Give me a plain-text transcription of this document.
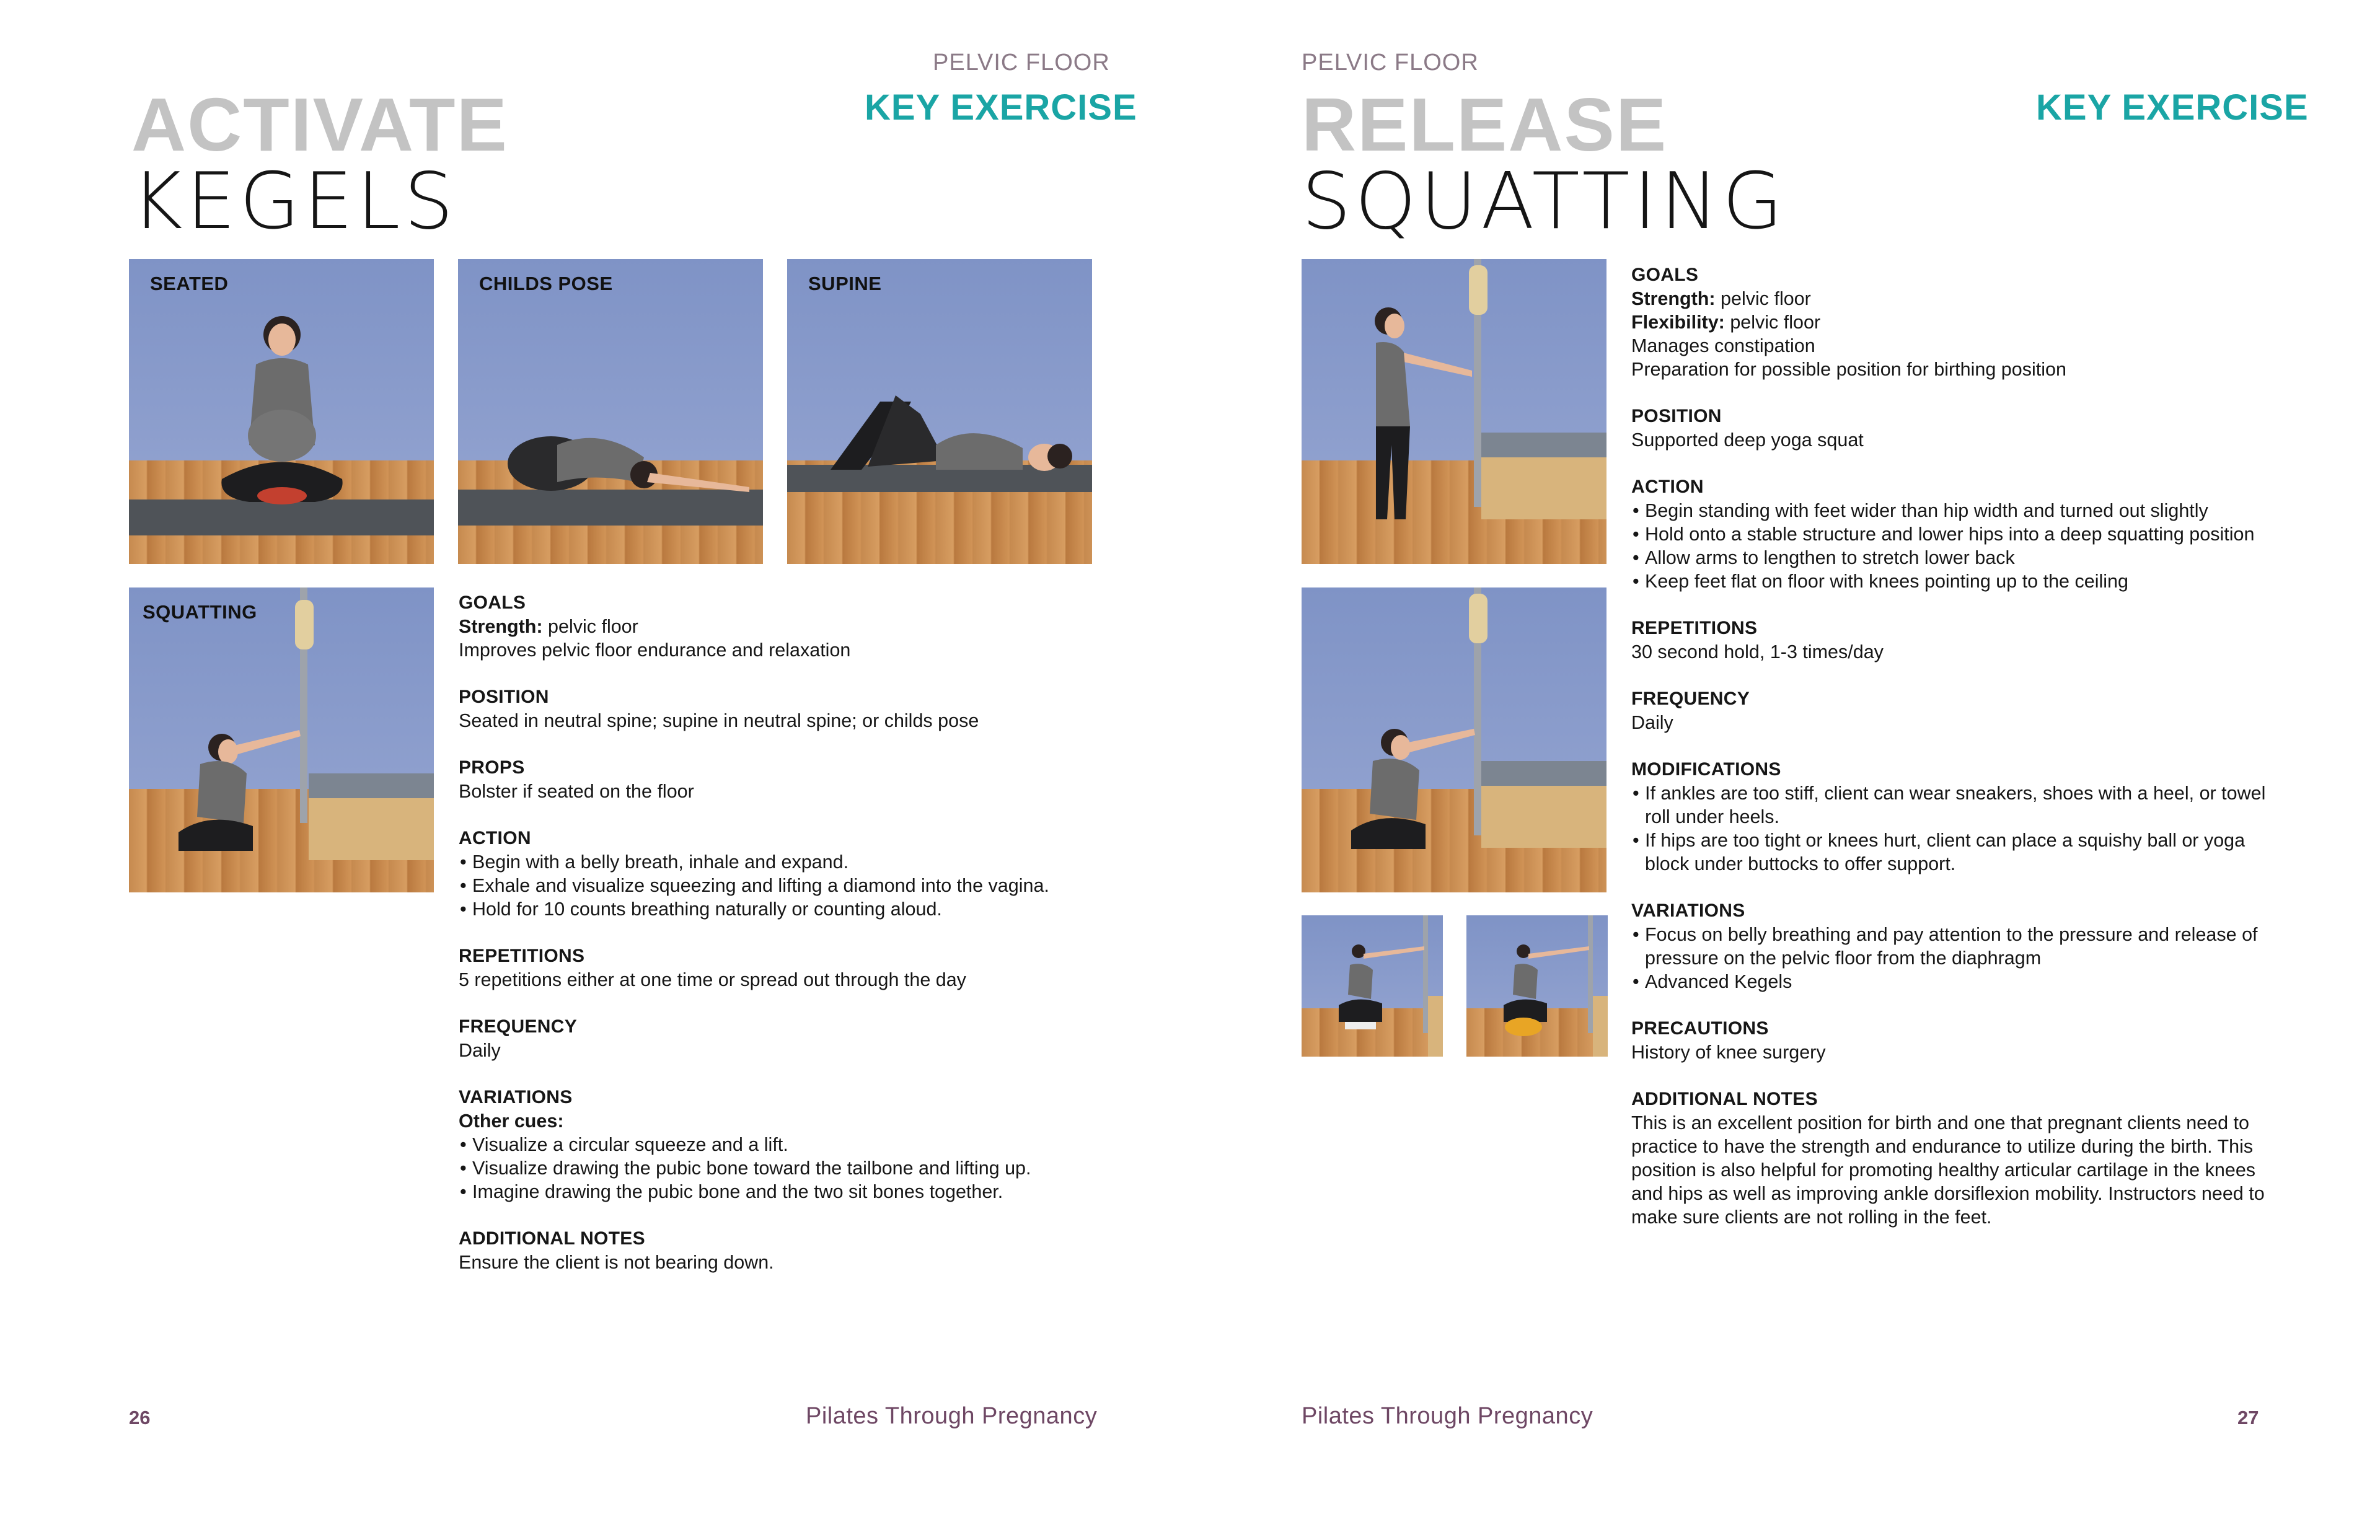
PELVIC FLOOR
KEY EXERCISE
ACTIVATE
KEGELS
SEATED	CHILDS POSE	SUPINE
SQUATTING	GOALS
Strength: pelvic floor
Improves pelvic floor endurance and relaxation
POSITION
Seated in neutral spine; supine in neutral spine; or childs pose
PROPS
Bolster if seated on the floor
ACTION
• Begin with a belly breath, inhale and expand.
• Exhale and visualize squeezing and lifting a diamond into the vagina.
• Hold for 10 counts breathing naturally or counting aloud.
REPETITIONS
5 repetitions either at one time or spread out through the day
FREQUENCY
Daily
VARIATIONS
Other cues:
• Visualize a circular squeeze and a lift.
• Visualize drawing the pubic bone toward the tailbone and lifting up.
• Imagine drawing the pubic bone and the two sit bones together.
ADDITIONAL NOTES
Ensure the client is not bearing down.
26	Pilates Through Pregnancy
PELVIC FLOOR
KEY EXERCISE
RELEASE
SQUATTING
GOALS
Strength: pelvic floor
Flexibility: pelvic floor
Manages constipation
Preparation for possible position for birthing position
POSITION
Supported deep yoga squat
ACTION
• Begin standing with feet wider than hip width and turned out slightly
• Hold onto a stable structure and lower hips into a deep squatting position
• Allow arms to lengthen to stretch lower back
• Keep feet flat on floor with knees pointing up to the ceiling
REPETITIONS
30 second hold, 1-3 times/day
FREQUENCY
Daily
MODIFICATIONS
• If ankles are too stiff, client can wear sneakers, shoes with a heel, or towel roll under heels.
• If hips are too tight or knees hurt, client can place a squishy ball or yoga block under buttocks to offer support.
VARIATIONS
• Focus on belly breathing and pay attention to the pressure and release of pressure on the pelvic floor from the diaphragm
• Advanced Kegels
PRECAUTIONS
History of knee surgery
ADDITIONAL NOTES
This is an excellent position for birth and one that pregnant clients need to practice to have the strength and endurance to utilize during the birth. This position is also helpful for promoting healthy articular cartilage in the knees and hips as well as improving ankle dorsiflexion mobility. Instructors need to make sure clients are not rolling in the feet.
Pilates Through Pregnancy	27
